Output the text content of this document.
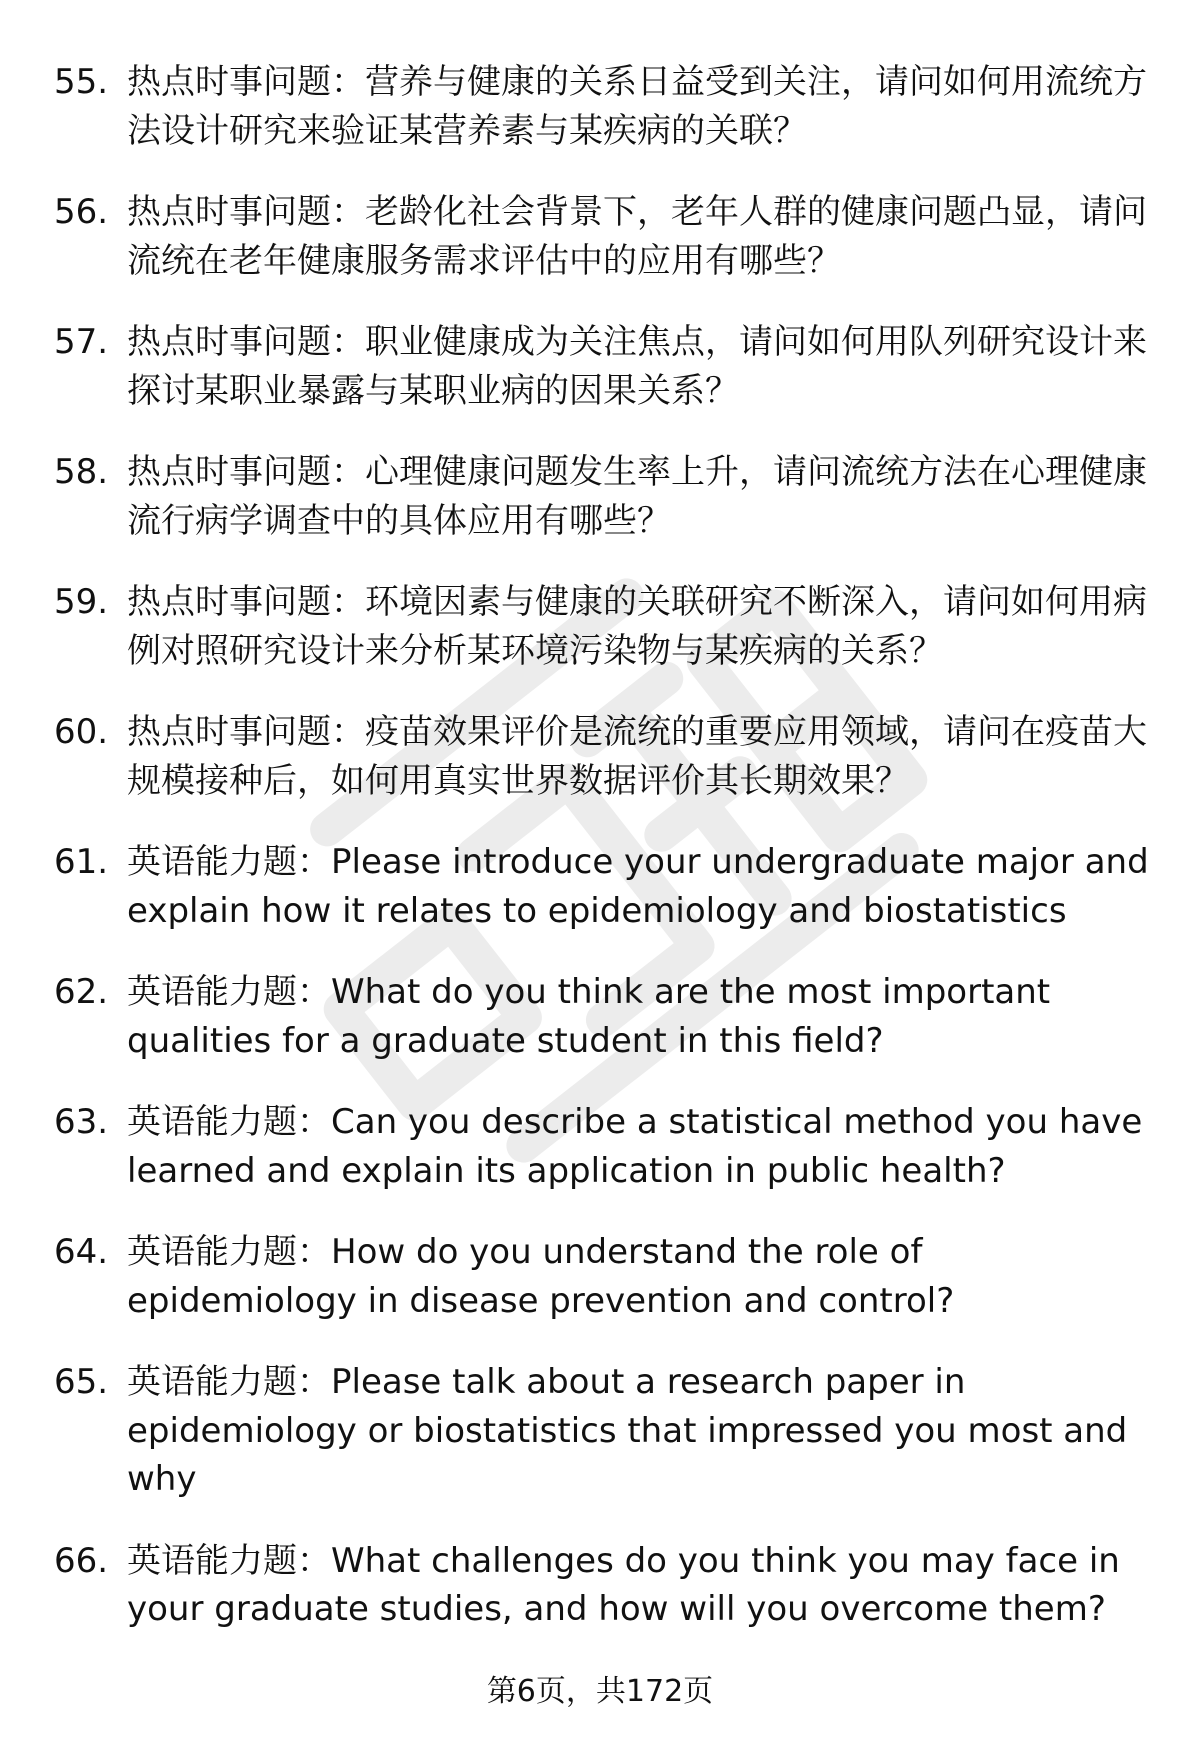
55. 热点时事问题：营养与健康的关系日益受到关注，请问如何用流统方法设计研究来验证某营养素与某疾病的关联？
56. 热点时事问题：老龄化社会背景下，老年人群的健康问题凸显，请问流统在老年健康服务需求评估中的应用有哪些？
57. 热点时事问题：职业健康成为关注焦点，请问如何用队列研究设计来探讨某职业暴露与某职业病的因果关系？
58. 热点时事问题：心理健康问题发生率上升，请问流统方法在心理健康流行病学调查中的具体应用有哪些？
59. 热点时事问题：环境因素与健康的关联研究不断深入，请问如何用病例对照研究设计来分析某环境污染物与某疾病的关系？
60. 热点时事问题：疫苗效果评价是流统的重要应用领域，请问在疫苗大规模接种后，如何用真实世界数据评价其长期效果？
61. 英语能力题：Please introduce your undergraduate major and explain how it relates to epidemiology and biostatistics
62. 英语能力题：What do you think are the most important qualities for a graduate student in this field?
63. 英语能力题：Can you describe a statistical method you have learned and explain its application in public health?
64. 英语能力题：How do you understand the role of epidemiology in disease prevention and control?
65. 英语能力题：Please talk about a research paper in epidemiology or biostatistics that impressed you most and why
66. 英语能力题：What challenges do you think you may face in your graduate studies, and how will you overcome them?
第6页，共172页
